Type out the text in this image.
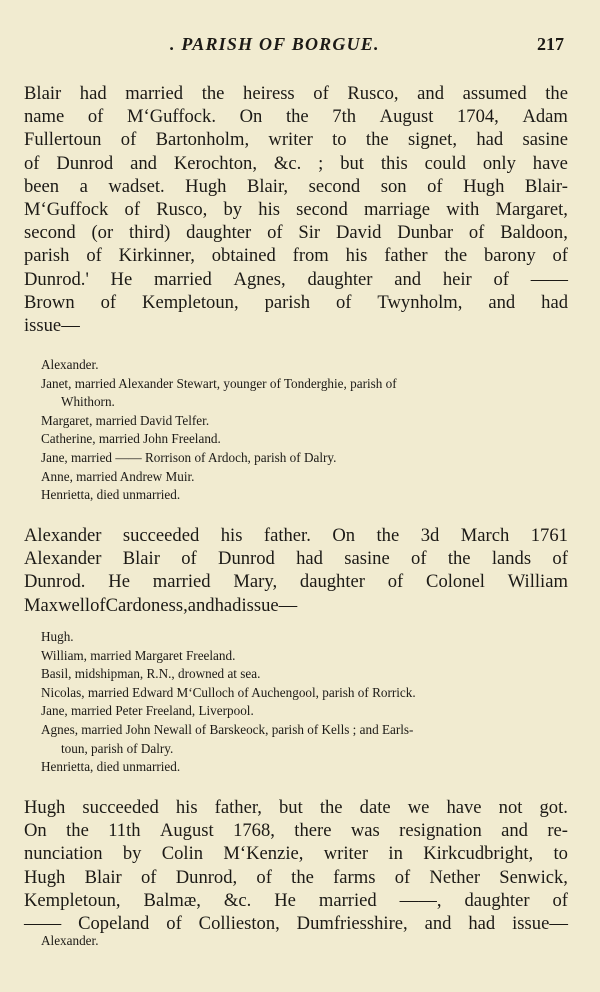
. PARISH OF BORGUE.	217
Blair had married the heiress of Rusco, and assumed the
name of M‘Guffock. On the 7th August 1704, Adam
Fullertoun of Bartonholm, writer to the signet, had sasine
of Dunrod and Kerochton, &c. ; but this could only have
been a wadset. Hugh Blair, second son of Hugh Blair-
M‘Guffock of Rusco, by his second marriage with Margaret,
second (or third) daughter of Sir David Dunbar of Baldoon,
parish of Kirkinner, obtained from his father the barony of
Dunrod.' He married Agnes, daughter and heir of ——
Brown of Kempletoun, parish of Twynholm, and had
issue—
Alexander.
Janet, married Alexander Stewart, younger of Tonderghie, parish of
Whithorn.
Margaret, married David Telfer.
Catherine, married John Freeland.
Jane, married —— Rorrison of Ardoch, parish of Dalry.
Anne, married Andrew Muir.
Henrietta, died unmarried.
Alexander succeeded his father. On the 3d March 1761
Alexander Blair of Dunrod had sasine of the lands of
Dunrod. He married Mary, daughter of Colonel William
Maxwell of Cardoness, and had issue—
Hugh.
William, married Margaret Freeland.
Basil, midshipman, R.N., drowned at sea.
Nicolas, married Edward M‘Culloch of Auchengool, parish of Rorrick.
Jane, married Peter Freeland, Liverpool.
Agnes, married John Newall of Barskeock, parish of Kells ; and Earls-
toun, parish of Dalry.
Henrietta, died unmarried.
Hugh succeeded his father, but the date we have not got.
On the 11th August 1768, there was resignation and re-
nunciation by Colin M‘Kenzie, writer in Kirkcudbright, to
Hugh Blair of Dunrod, of the farms of Nether Senwick,
Kempletoun, Balmæ, &c. He married ——, daughter of
—— Copeland of Collieston, Dumfriesshire, and had issue—
Alexander.
